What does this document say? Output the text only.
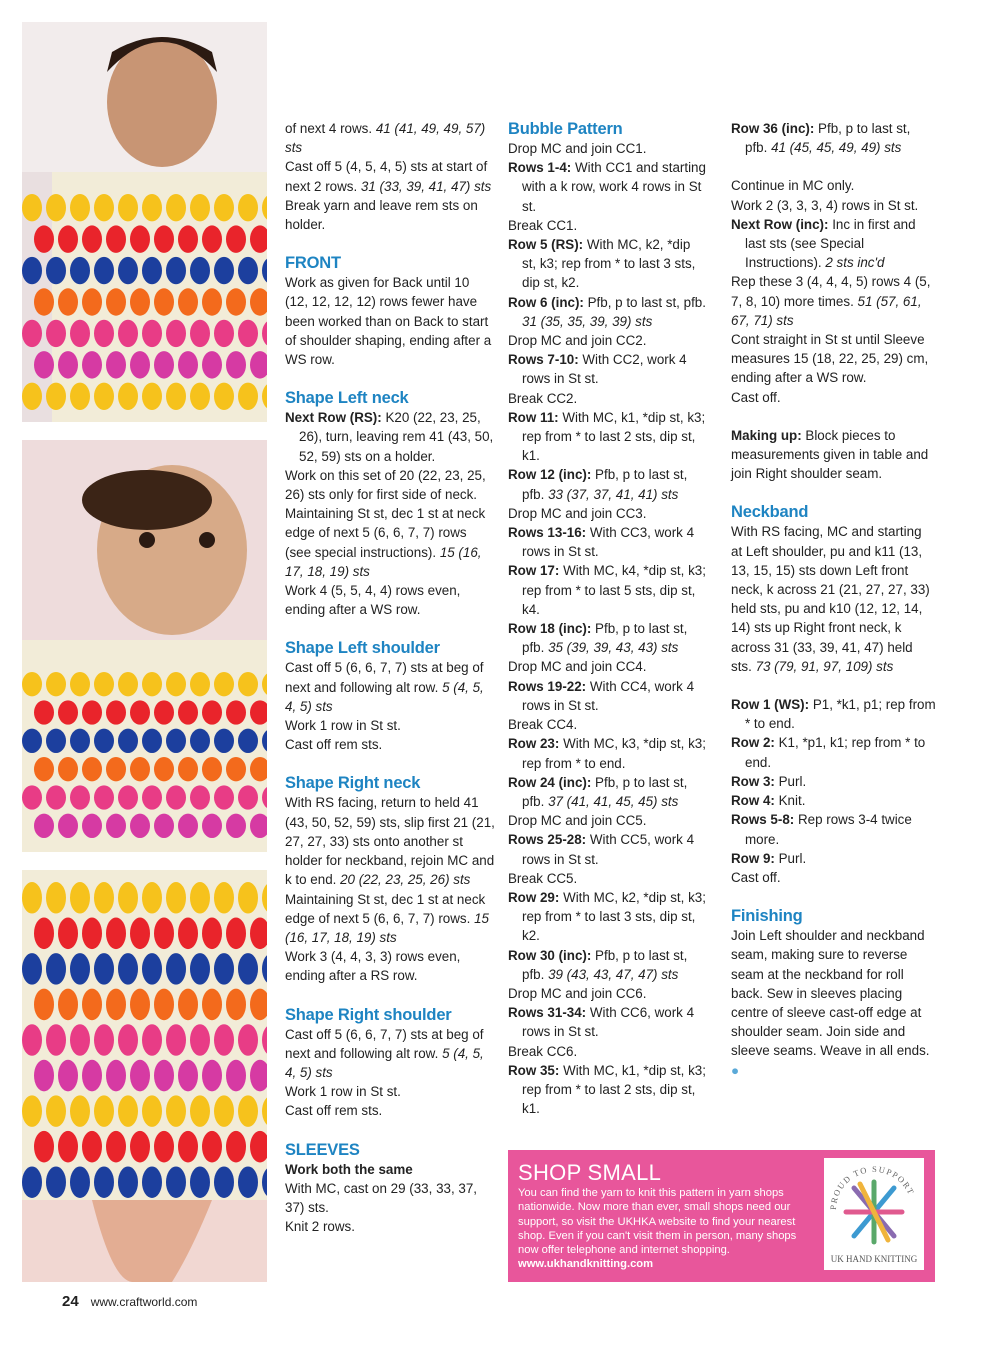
of next 4 rows. 41 (41, 49, 49, 57) sts

Cast off 5 (4, 5, 4, 5) sts at start of next 2 rows. 31 (33, 39, 41, 47) sts

Break yarn and leave rem sts on holder.

FRONT

Work as given for Back until 10 (12, 12, 12, 12) rows fewer have been worked than on Back to start of shoulder shaping, ending after a WS row.

Shape Left neck

Next Row (RS): K20 (22, 23, 25, 26), turn, leaving rem 41 (43, 50, 52, 59) sts on a holder.

Work on this set of 20 (22, 23, 25, 26) sts only for first side of neck.

Maintaining St st, dec 1 st at neck edge of next 5 (6, 6, 7, 7) rows (see special instructions). 15 (16, 17, 18, 19) sts

Work 4 (5, 5, 4, 4) rows even, ending after a WS row.

Shape Left shoulder

Cast off 5 (6, 6, 7, 7) sts at beg of next and following alt row. 5 (4, 5, 4, 5) sts

Work 1 row in St st.

Cast off rem sts.

Shape Right neck

With RS facing, return to held 41 (43, 50, 52, 59) sts, slip first 21 (21, 27, 27, 33) sts onto another st holder for neckband, rejoin MC and k to end. 20 (22, 23, 25, 26) sts

Maintaining St st, dec 1 st at neck edge of next 5 (6, 6, 7, 7) rows. 15 (16, 17, 18, 19) sts

Work 3 (4, 4, 3, 3) rows even, ending after a RS row.

Shape Right shoulder

Cast off 5 (6, 6, 7, 7) sts at beg of next and following alt row. 5 (4, 5, 4, 5) sts

Work 1 row in St st.

Cast off rem sts.

SLEEVES

Work both the same

With MC, cast on 29 (33, 33, 37, 37) sts.

Knit 2 rows.

Bubble Pattern

Drop MC and join CC1.

Rows 1-4: With CC1 and starting with a k row, work 4 rows in St st.

Break CC1.

Row 5 (RS): With MC, k2, *dip st, k3; rep from * to last 3 sts, dip st, k2.

Row 6 (inc): Pfb, p to last st, pfb. 31 (35, 35, 39, 39) sts

Drop MC and join CC2.

Rows 7-10: With CC2, work 4 rows in St st.

Break CC2.

Row 11: With MC, k1, *dip st, k3; rep from * to last 2 sts, dip st, k1.

Row 12 (inc): Pfb, p to last st, pfb. 33 (37, 37, 41, 41) sts

Drop MC and join CC3.

Rows 13-16: With CC3, work 4 rows in St st.

Row 17: With MC, k4, *dip st, k3; rep from * to last 5 sts, dip st, k4.

Row 18 (inc): Pfb, p to last st, pfb. 35 (39, 39, 43, 43) sts

Drop MC and join CC4.

Rows 19-22: With CC4, work 4 rows in St st.

Break CC4.

Row 23: With MC, k3, *dip st, k3; rep from * to end.

Row 24 (inc): Pfb, p to last st, pfb. 37 (41, 41, 45, 45) sts

Drop MC and join CC5.

Rows 25-28: With CC5, work 4 rows in St st.

Break CC5.

Row 29: With MC, k2, *dip st, k3; rep from * to last 3 sts, dip st, k2.

Row 30 (inc): Pfb, p to last st, pfb. 39 (43, 43, 47, 47) sts

Drop MC and join CC6.

Rows 31-34: With CC6, work 4 rows in St st.

Break CC6.

Row 35: With MC, k1, *dip st, k3; rep from * to last 2 sts, dip st, k1.

Row 36 (inc): Pfb, p to last st, pfb. 41 (45, 45, 49, 49) sts

Continue in MC only.

Work 2 (3, 3, 3, 4) rows in St st.

Next Row (inc): Inc in first and last sts (see Special Instructions). 2 sts inc'd

Rep these 3 (4, 4, 4, 5) rows 4 (5, 7, 8, 10) more times. 51 (57, 61, 67, 71) sts

Cont straight in St st until Sleeve measures 15 (18, 22, 25, 29) cm, ending after a WS row.

Cast off.

Making up: Block pieces to measurements given in table and join Right shoulder seam.

Neckband

With RS facing, MC and starting at Left shoulder, pu and k11 (13, 13, 15, 15) sts down Left front neck, k across 21 (21, 27, 27, 33) held sts, pu and k10 (12, 12, 14, 14) sts up Right front neck, k across 31 (33, 39, 41, 47) held sts. 73 (79, 91, 97, 109) sts

Row 1 (WS): P1, *k1, p1; rep from * to end.

Row 2: K1, *p1, k1; rep from * to end.

Row 3: Purl.

Row 4: Knit.

Rows 5-8: Rep rows 3-4 twice more.

Row 9: Purl.

Cast off.

Finishing

Join Left shoulder and neckband seam, making sure to reverse seam at the neckband for roll back. Sew in sleeves placing centre of sleeve cast-off edge at shoulder seam. Join side and sleeve seams. Weave in all ends. ●

SHOP SMALL
You can find the yarn to knit this pattern in yarn shops nationwide. Now more than ever, small shops need our support, so visit the UKHKA website to find your nearest shop. Even if you can't visit them in person, many shops now offer telephone and internet shopping. www.ukhandknitting.com
PROUD TO SUPPORT
UK HAND KNITTING
24 www.craftworld.com
